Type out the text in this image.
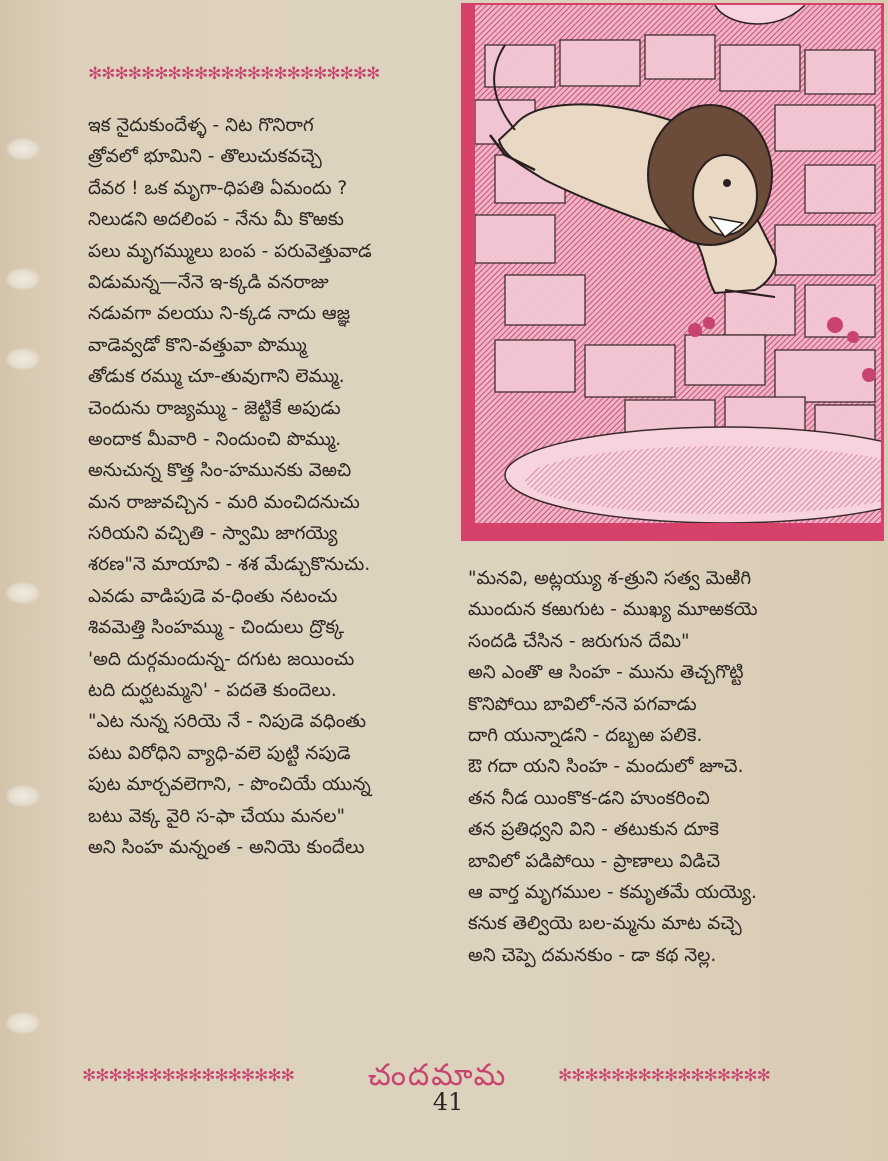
✻✻✻✻✻✻✻✻✻✻✻✻✻✻✻✻✻✻✻✻✻✻
ఇక నైదుకుందేళ్ళ - నిట గొనిరాగ
త్రోవలో భూమిని - తొలుచుకవచ్చె
దేవర ! ఒక మృగా-ధిపతి ఏమందు ?
నిలుడని అదలింప - నేను మీ కొఱకు
పలు మృగమ్ములు బంప - పరువెత్తువాడ
విడుమన్న—నేనె ఇ-క్కడి వనరాజు
నడువగా వలయు ని-క్కడ నాదు ఆజ్ఞ
వాడెవ్వడో కొని-వత్తువా పొమ్ము
తోడుక రమ్ము చూ-తువుగాని లెమ్ము.
చెందును రాజ్యమ్ము - జెట్టికే అపుడు
అందాక మీవారి - నిందుంచి పొమ్ము.
అనుచున్న కొత్త సిం-హమునకు వెఱచి
మన రాజువచ్చిన - మరి మంచిదనుచు
సరియని వచ్చితి - స్వామి జాగయ్యె
శరణ"నె మాయావి - శశ మేడ్చుకొనుచు.
ఎవడు వాడిపుడె వ-ధింతు నటంచు
శివమెత్తి సింహమ్ము - చిందులు ద్రొక్క
'అది దుర్గమందున్న- దగుట జయించు
టది దుర్ఘటమ్మని' - పదతె కుందెలు.
"ఎట నున్న సరియె నే - నిపుడె వధింతు
పటు విరోధిని వ్యాధి-వలె పుట్టి నపుడె
పుట మార్చవలెగాని, - పొంచియే యున్న
బటు వెక్క వైరి స-ఫా చేయు మనల"
అని సింహ మన్నంత - అనియె కుందేలు
"మనవి, అట్లయ్యు శ-త్రుని సత్వ మెఱిగి
ముందున కఱుగుట - ముఖ్య మూఱకయె
సందడి చేసిన - జరుగున దేమి"
అని ఎంతొ ఆ సింహ - మును తెచ్చగొట్టి
కొనిపోయి బావిలో-ననె పగవాడు
దాగి యున్నాడని - దబ్బఱ పలికె.
ఔ గదా యని సింహ - మందులో జూచె.
తన నీడ యింకొక-డని హుంకరించి
తన ప్రతిధ్వని విని - తటుకున దూకె
బావిలో పడిపోయి - ప్రాణాలు విడిచె
ఆ వార్త మృగముల - కమృతమే యయ్యె.
కనుక తెల్వియె బల-మ్మను మాట వచ్చె
అని చెప్పె దమనకుం - డా కథ నెల్ల.
✻✻✻✻✻✻✻✻✻✻✻✻✻✻✻✻	చందమామ	✻✻✻✻✻✻✻✻✻✻✻✻✻✻✻✻
41
